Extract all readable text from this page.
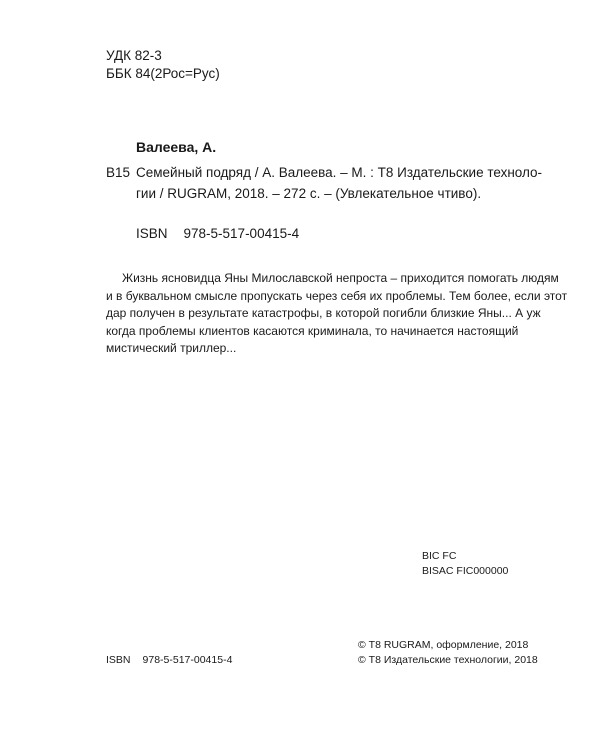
УДК 82-3
ББК 84(2Рос=Рус)
Валеева, А.
В15 Семейный подряд / А. Валеева. – М. : Т8 Издательские техноло-
гии / RUGRAM, 2018. – 272 с. – (Увлекательное чтиво).
ISBN 978-5-517-00415-4
Жизнь ясновидца Яны Милославской непроста – приходится помогать людям
и в буквальном смысле пропускать через себя их проблемы. Тем более, если этот
дар получен в результате катастрофы, в которой погибли близкие Яны... А уж
когда проблемы клиентов касаются криминала, то начинается настоящий
мистический триллер...
BIC FC
BISAC FIC000000
© Т8 RUGRAM, оформление, 2018
© Т8 Издательские технологии, 2018
ISBN 978-5-517-00415-4
